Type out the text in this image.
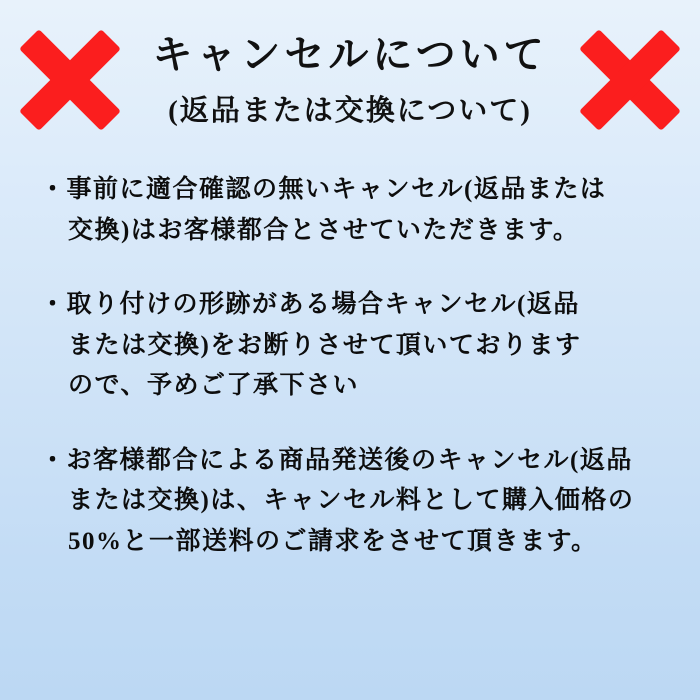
キャンセルについて
(返品または交換について)
・事前に適合確認の無いキャンセル(返品または
交換)はお客様都合とさせていただきます。
・取り付けの形跡がある場合キャンセル(返品
または交換)をお断りさせて頂いております
ので、予めご了承下さい
・お客様都合による商品発送後のキャンセル(返品
または交換)は、キャンセル料として購入価格の
50%と一部送料のご請求をさせて頂きます。
